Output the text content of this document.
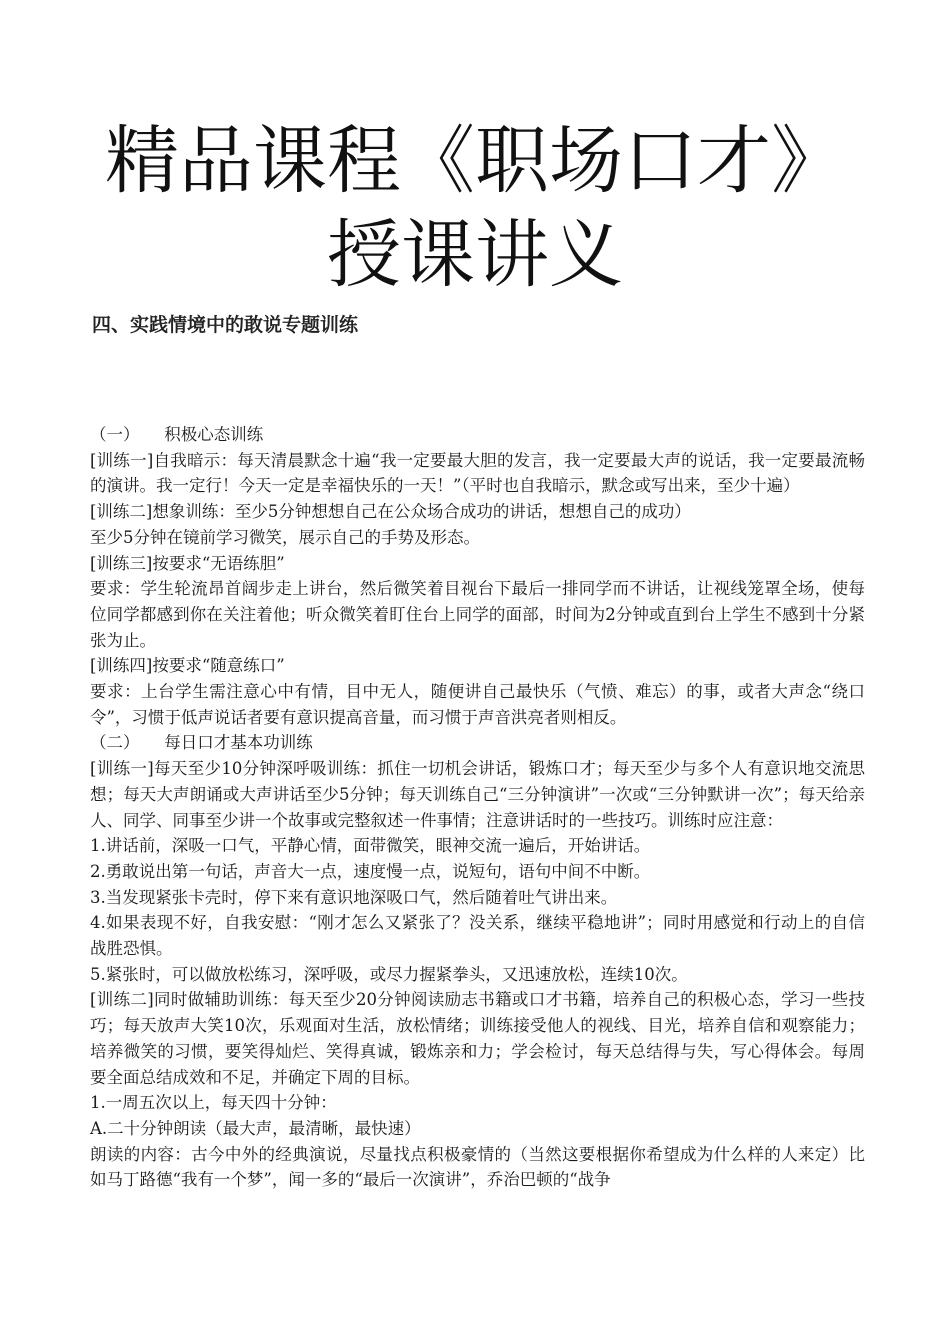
精品课程《职场口才》
授课讲义
四、实践情境中的敢说专题训练

（一）　　积极心态训练

[训练一]自我暗示：每天清晨默念十遍“我一定要最大胆的发言，我一定要最大声的说话，我一定要最流畅的演讲。我一定行！今天一定是幸福快乐的一天！”（平时也自我暗示，默念或写出来，至少十遍）

[训练二]想象训练：至少5分钟想想自己在公众场合成功的讲话，想想自己的成功）

至少5分钟在镜前学习微笑，展示自己的手势及形态。

[训练三]按要求“无语练胆”

要求：学生轮流昂首阔步走上讲台，然后微笑着目视台下最后一排同学而不讲话，让视线笼罩全场，使每位同学都感到你在关注着他；听众微笑着盯住台上同学的面部，时间为2分钟或直到台上学生不感到十分紧张为止。

[训练四]按要求“随意练口”

要求：上台学生需注意心中有情，目中无人，随便讲自己最快乐（气愤、难忘）的事，或者大声念“绕口令”，习惯于低声说话者要有意识提高音量，而习惯于声音洪亮者则相反。

（二）　　每日口才基本功训练

[训练一]每天至少10分钟深呼吸训练：抓住一切机会讲话，锻炼口才；每天至少与多个人有意识地交流思想；每天大声朗诵或大声讲话至少5分钟；每天训练自己“三分钟演讲”一次或“三分钟默讲一次”；每天给亲人、同学、同事至少讲一个故事或完整叙述一件事情；注意讲话时的一些技巧。训练时应注意：

1.讲话前，深吸一口气，平静心情，面带微笑，眼神交流一遍后，开始讲话。

2.勇敢说出第一句话，声音大一点，速度慢一点，说短句，语句中间不中断。

3.当发现紧张卡壳时，停下来有意识地深吸口气，然后随着吐气讲出来。

4.如果表现不好，自我安慰：“刚才怎么又紧张了？没关系，继续平稳地讲”；同时用感觉和行动上的自信战胜恐惧。

5.紧张时，可以做放松练习，深呼吸，或尽力握紧拳头，又迅速放松，连续10次。

[训练二]同时做辅助训练：每天至少20分钟阅读励志书籍或口才书籍，培养自己的积极心态，学习一些技巧；每天放声大笑10次，乐观面对生活，放松情绪；训练接受他人的视线、目光，培养自信和观察能力；培养微笑的习惯，要笑得灿烂、笑得真诚，锻炼亲和力；学会检讨，每天总结得与失，写心得体会。每周要全面总结成效和不足，并确定下周的目标。

1.一周五次以上，每天四十分钟：

A.二十分钟朗读（最大声，最清晰，最快速）

朗读的内容：古今中外的经典演说，尽量找点积极豪情的（当然这要根据你希望成为什么样的人来定）比如马丁路德“我有一个梦”，闻一多的“最后一次演讲”，乔治巴顿的“战争
